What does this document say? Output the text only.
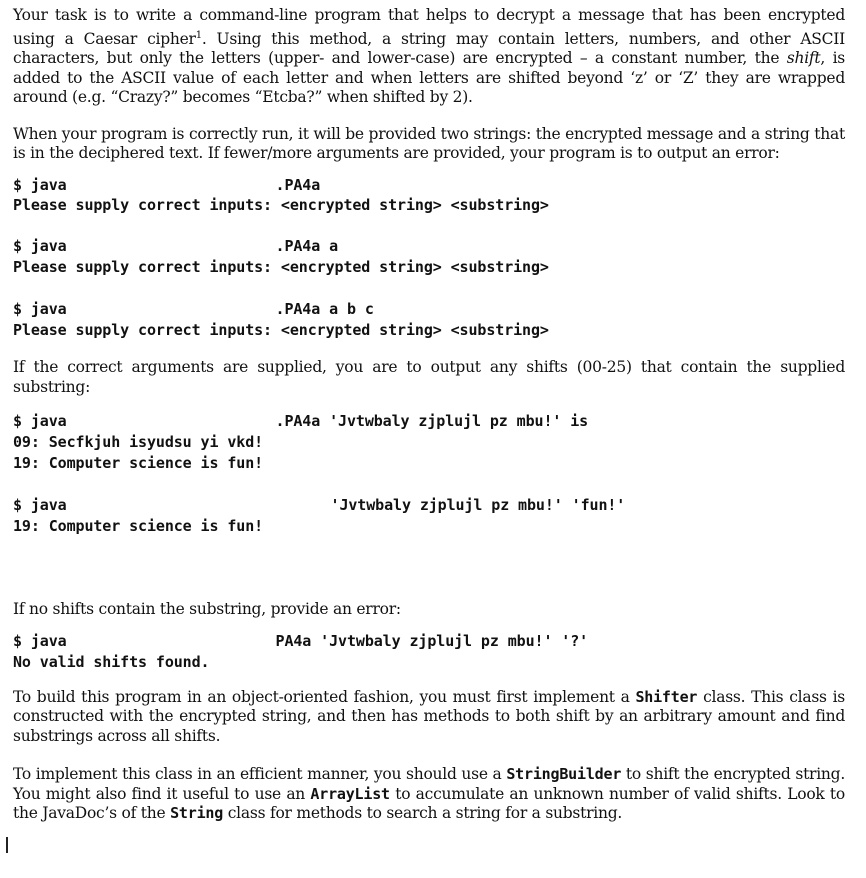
Your task is to write a command-line program that helps to decrypt a message that has been encrypted using a Caesar cipher$^1$. Using this method, a string may contain letters, numbers, and other ASCII characters, but only the letters (upper- and lower-case) are encrypted – a constant number, the shift, is added to the ASCII value of each letter and when letters are shifted beyond ‘z’ or ‘Z’ they are wrapped around (e.g. “Crazy?” becomes “Etcba?” when shifted by 2).

When your program is correctly run, it will be provided two strings: the encrypted message and a string that is in the deciphered text. If fewer/more arguments are provided, your program is to output an error:

$ java	.PA4a
Please supply correct inputs: <encrypted string> <substring>
$ java	.PA4a a
Please supply correct inputs: <encrypted string> <substring>
$ java	.PA4a a b c
Please supply correct inputs: <encrypted string> <substring>

If the correct arguments are supplied, you are to output any shifts (00-25) that contain the supplied substring:

$ java	.PA4a 'Jvtwbaly zjplujl pz mbu!' is
09: Secfkjuh isyudsu yi vkd!
19: Computer science is fun!
$ java	'Jvtwbaly zjplujl pz mbu!' 'fun!'
19: Computer science is fun!

If no shifts contain the substring, provide an error:

$ java	PA4a 'Jvtwbaly zjplujl pz mbu!' '?'
No valid shifts found.

To build this program in an object-oriented fashion, you must first implement a Shifter class. This class is constructed with the encrypted string, and then has methods to both shift by an arbitrary amount and find substrings across all shifts.

To implement this class in an efficient manner, you should use a StringBuilder to shift the encrypted string. You might also find it useful to use an ArrayList to accumulate an unknown number of valid shifts. Look to the JavaDoc’s of the String class for methods to search a string for a substring.
